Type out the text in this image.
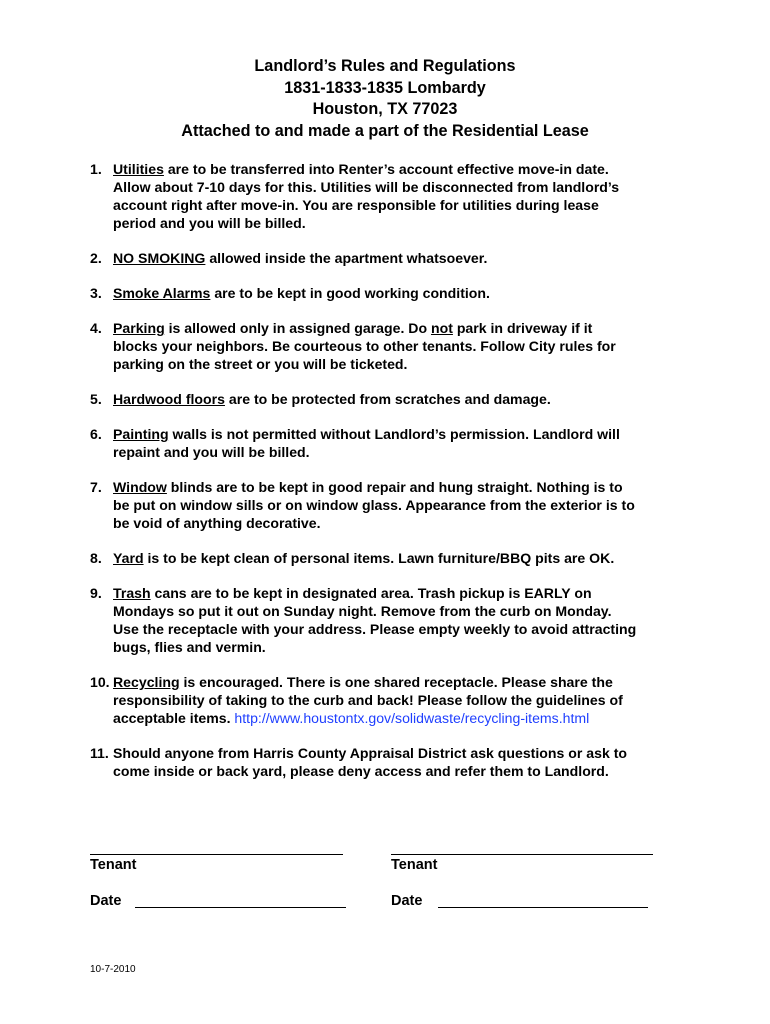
Landlord’s Rules and Regulations
1831-1833-1835 Lombardy
Houston, TX 77023
Attached to and made a part of the Residential Lease
1. Utilities are to be transferred into Renter’s account effective move-in date.
Allow about 7-10 days for this. Utilities will be disconnected from landlord’s
account right after move-in. You are responsible for utilities during lease
period and you will be billed.
2. NO SMOKING allowed inside the apartment whatsoever.
3. Smoke Alarms are to be kept in good working condition.
4. Parking is allowed only in assigned garage. Do not park in driveway if it
blocks your neighbors. Be courteous to other tenants. Follow City rules for
parking on the street or you will be ticketed.
5. Hardwood floors are to be protected from scratches and damage.
6. Painting walls is not permitted without Landlord’s permission. Landlord will
repaint and you will be billed.
7. Window blinds are to be kept in good repair and hung straight. Nothing is to
be put on window sills or on window glass. Appearance from the exterior is to
be void of anything decorative.
8. Yard is to be kept clean of personal items. Lawn furniture/BBQ pits are OK.
9. Trash cans are to be kept in designated area. Trash pickup is EARLY on
Mondays so put it out on Sunday night. Remove from the curb on Monday.
Use the receptacle with your address. Please empty weekly to avoid attracting
bugs, flies and vermin.
10. Recycling is encouraged. There is one shared receptacle. Please share the
responsibility of taking to the curb and back! Please follow the guidelines of
acceptable items. http://www.houstontx.gov/solidwaste/recycling-items.html
11. Should anyone from Harris County Appraisal District ask questions or ask to
come inside or back yard, please deny access and refer them to Landlord.
Tenant	Tenant
Date	Date
10-7-2010
